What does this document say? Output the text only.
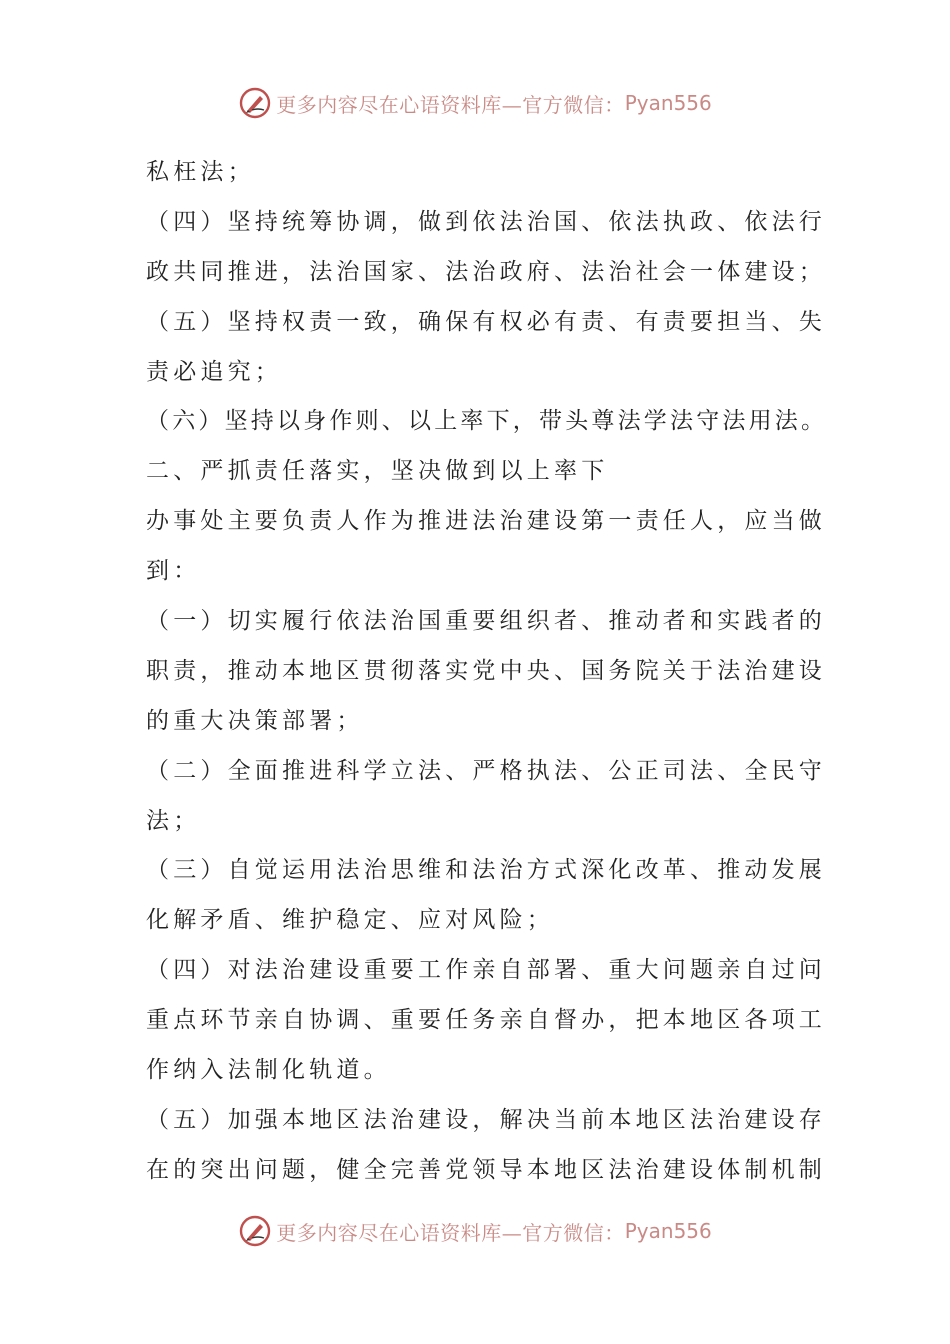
更多内容尽在心语资料库—官方微信： Pyan556
私枉法；
（四）坚持统筹协调，做到依法治国、依法执政、依法行
政共同推进，法治国家、法治政府、法治社会一体建设；
（五）坚持权责一致，确保有权必有责、有责要担当、失
责必追究；
（六）坚持以身作则、以上率下，带头尊法学法守法用法。
二、严抓责任落实，坚决做到以上率下
办事处主要负责人作为推进法治建设第一责任人，应当做
到：
（一）切实履行依法治国重要组织者、推动者和实践者的
职责，推动本地区贯彻落实党中央、国务院关于法治建设
的重大决策部署；
（二）全面推进科学立法、严格执法、公正司法、全民守
法；
（三）自觉运用法治思维和法治方式深化改革、推动发展
化解矛盾、维护稳定、应对风险；
（四）对法治建设重要工作亲自部署、重大问题亲自过问
重点环节亲自协调、重要任务亲自督办，把本地区各项工
作纳入法制化轨道。
（五）加强本地区法治建设，解决当前本地区法治建设存
在的突出问题，健全完善党领导本地区法治建设体制机制
更多内容尽在心语资料库—官方微信： Pyan556
